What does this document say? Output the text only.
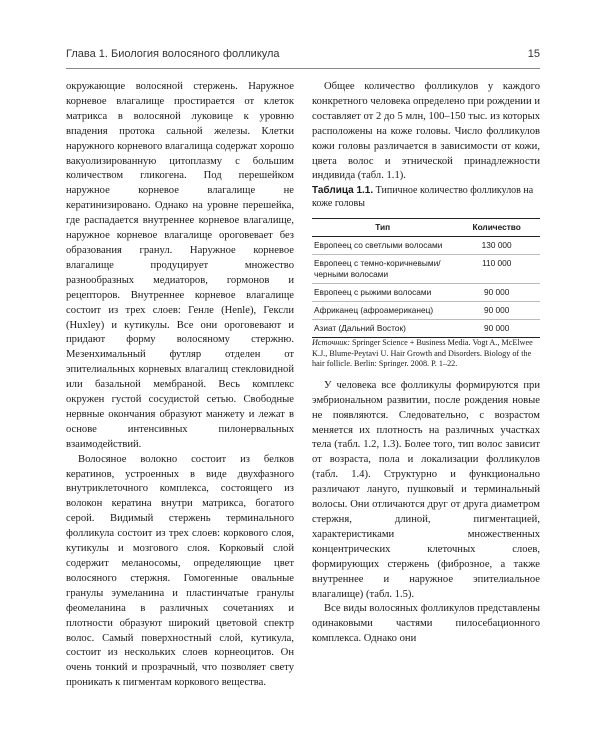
Глава 1. Биология волосяного фолликула	15

окружающие волосяной стержень. Наружное корневое влагалище простирается от клеток матрикса в волосяной луковице к уровню впадения протока сальной железы. Клетки наружного корневого влагалища содержат хорошо вакуолизированную цитоплазму с большим количеством гликогена. Под перешейком наружное корневое влагалище не кератинизировано. Однако на уровне перешейка, где распадается внутреннее корневое влагалище, наружное корневое влагалище ороговевает без образования гранул. Наружное корневое влагалище продуцирует множество разнообразных медиаторов, гормонов и рецепторов. Внутреннее корневое влагалище состоит из трех слоев: Генле (Henle), Гексли (Huxley) и кутикулы. Все они ороговевают и придают форму волосяному стержню. Мезенхимальный футляр отделен от эпителиальных корневых влагалищ стекловидной или базальной мембраной. Весь комплекс окружен густой сосудистой сетью. Свободные нервные окончания образуют манжету и лежат в основе интенсивных пилонервальных взаимодействий.

Волосяное волокно состоит из белков кератинов, устроенных в виде двухфазного внутриклеточного комплекса, состоящего из волокон кератина внутри матрикса, богатого серой. Видимый стержень терминального фолликула состоит из трех слоев: коркового слоя, кутикулы и мозгового слоя. Корковый слой содержит меланосомы, определяющие цвет волосяного стержня. Гомогенные овальные гранулы эумеланина и пластинчатые гранулы феомеланина в различных сочетаниях и плотности образуют широкий цветовой спектр волос. Самый поверхностный слой, кутикула, состоит из нескольких слоев корнеоцитов. Он очень тонкий и прозрачный, что позволяет свету проникать к пигментам коркового вещества.

Общее количество фолликулов у каждого конкретного человека определено при рождении и составляет от 2 до 5 млн, 100–150 тыс. из которых расположены на коже головы. Число фолликулов кожи головы различается в зависимости от кожи, цвета волос и этнической принадлежности индивида (табл. 1.1).

Таблица 1.1. Типичное количество фолликулов на коже головы

Тип	Количество
Европеец со светлыми волосами	130 000
Европеец с темно-коричневыми/черными волосами	110 000
Европеец с рыжими волосами	90 000
Африканец (афроамериканец)	90 000
Азиат (Дальний Восток)	90 000

Источник: Springer Science + Business Media. Vogt A., McElwee K.J., Blume-Peytavi U. Hair Growth and Disorders. Biology of the hair follicle. Berlin: Springer. 2008. P. 1–22.

У человека все фолликулы формируются при эмбриональном развитии, после рождения новые не появляются. Следовательно, с возрастом меняется их плотность на различных участках тела (табл. 1.2, 1.3). Более того, тип волос зависит от возраста, пола и локализации фолликулов (табл. 1.4). Структурно и функционально различают лануго, пушковый и терминальный волосы. Они отличаются друг от друга диаметром стержня, длиной, пигментацией, характеристиками множественных концентрических клеточных слоев, формирующих стержень (фиброзное, а также внутреннее и наружное эпителиальное влагалище) (табл. 1.5).

Все виды волосяных фолликулов представлены одинаковыми частями пилосебационного комплекса. Однако они
